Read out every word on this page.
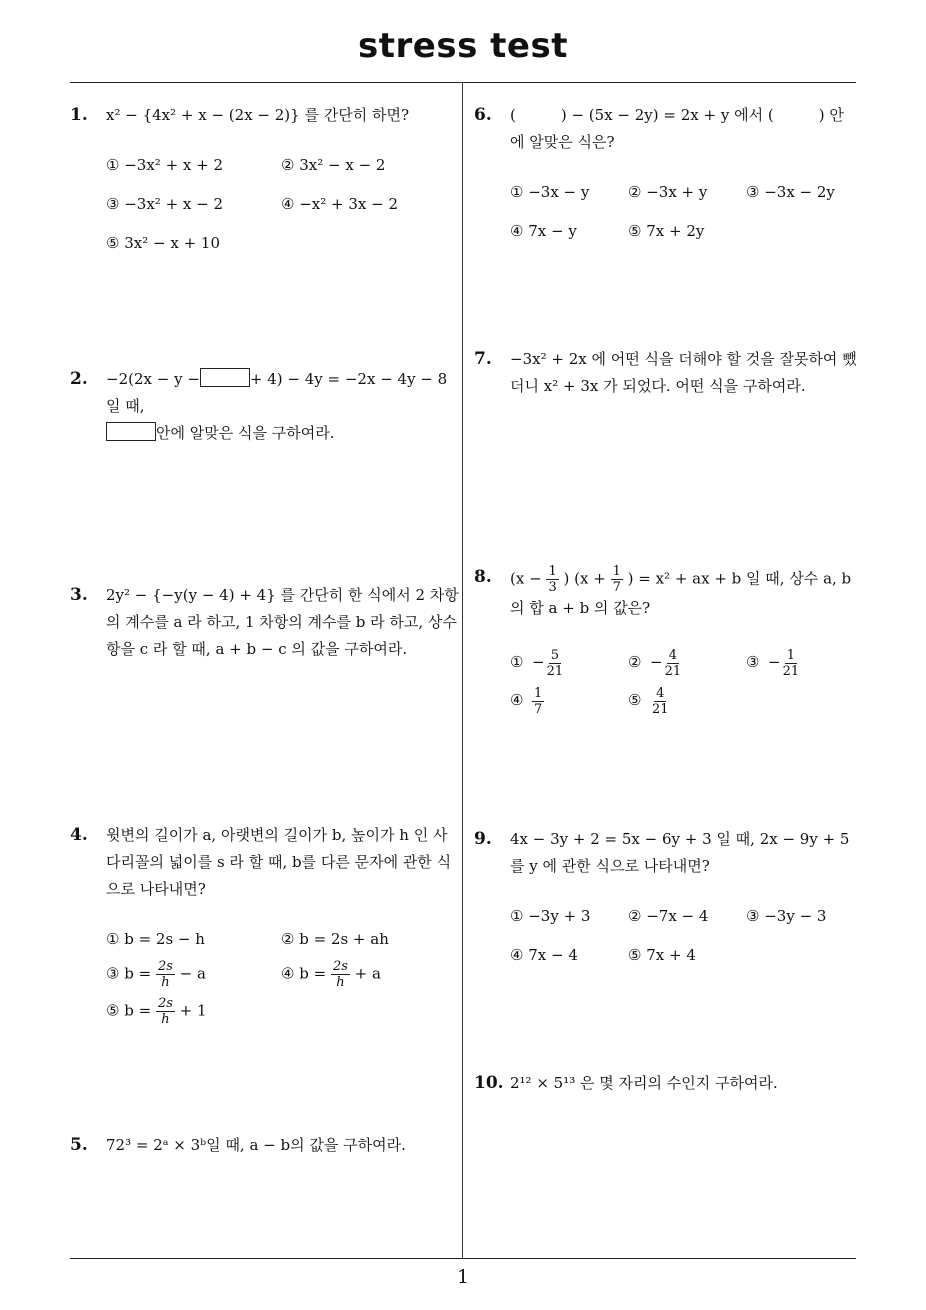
stress test
1. x² − {4x² + x − (2x − 2)} 를 간단히 하면?

① −3x² + x + 2	② 3x² − x − 2
③ −3x² + x − 2	④ −x² + 3x − 2
⑤ 3x² − x + 10
2. −2(2x − y −	+ 4) − 4y = −2x − 4y − 8 일 때,

안에 알맞은 식을 구하여라.

3. 2y² − {−y(y − 4) + 4} 를 간단히 한 식에서 2 차항의 계수를 a 라 하고, 1 차항의 계수를 b 라 하고, 상수항을 c 라 할 때, a + b − c 의 값을 구하여라.

4. 윗변의 길이가 a, 아랫변의 길이가 b, 높이가 h 인 사다리꼴의 넓이를 s 라 할 때, b를 다른 문자에 관한 식으로 나타내면?

① b = 2s − h	② b = 2s + ah
③ $b = \frac{2s}{h} - a$	④ $b = \frac{2s}{h} + a$
⑤ $b = \frac{2s}{h} + 1$
5. 72³ = 2ᵃ × 3ᵇ일 때, a − b의 값을 구하여라.

6. (　　　) − (5x − 2y) = 2x + y 에서 (　　　) 안에 알맞은 식은?

① −3x − y	② −3x + y	③ −3x − 2y
④ 7x − y	⑤ 7x + 2y
7. −3x² + 2x 에 어떤 식을 더해야 할 것을 잘못하여 뺐더니 x² + 3x 가 되었다. 어떤 식을 구하여라.

8. ($x - \frac{1}{3}$ ) ($x + \frac{1}{7}$ ) = x² + ax + b 일 때, 상수 a, b 의 합 a + b 의 값은?

① − $\frac{5}{21}$	② − $\frac{4}{21}$	③ − $\frac{1}{21}$
④ $\frac{1}{7}$	⑤ $\frac{4}{21}$
9. 4x − 3y + 2 = 5x − 6y + 3 일 때, 2x − 9y + 5 를 y 에 관한 식으로 나타내면?

① −3y + 3	② −7x − 4	③ −3y − 3
④ 7x − 4	⑤ 7x + 4
10. 2¹² × 5¹³ 은 몇 자리의 수인지 구하여라.

1
